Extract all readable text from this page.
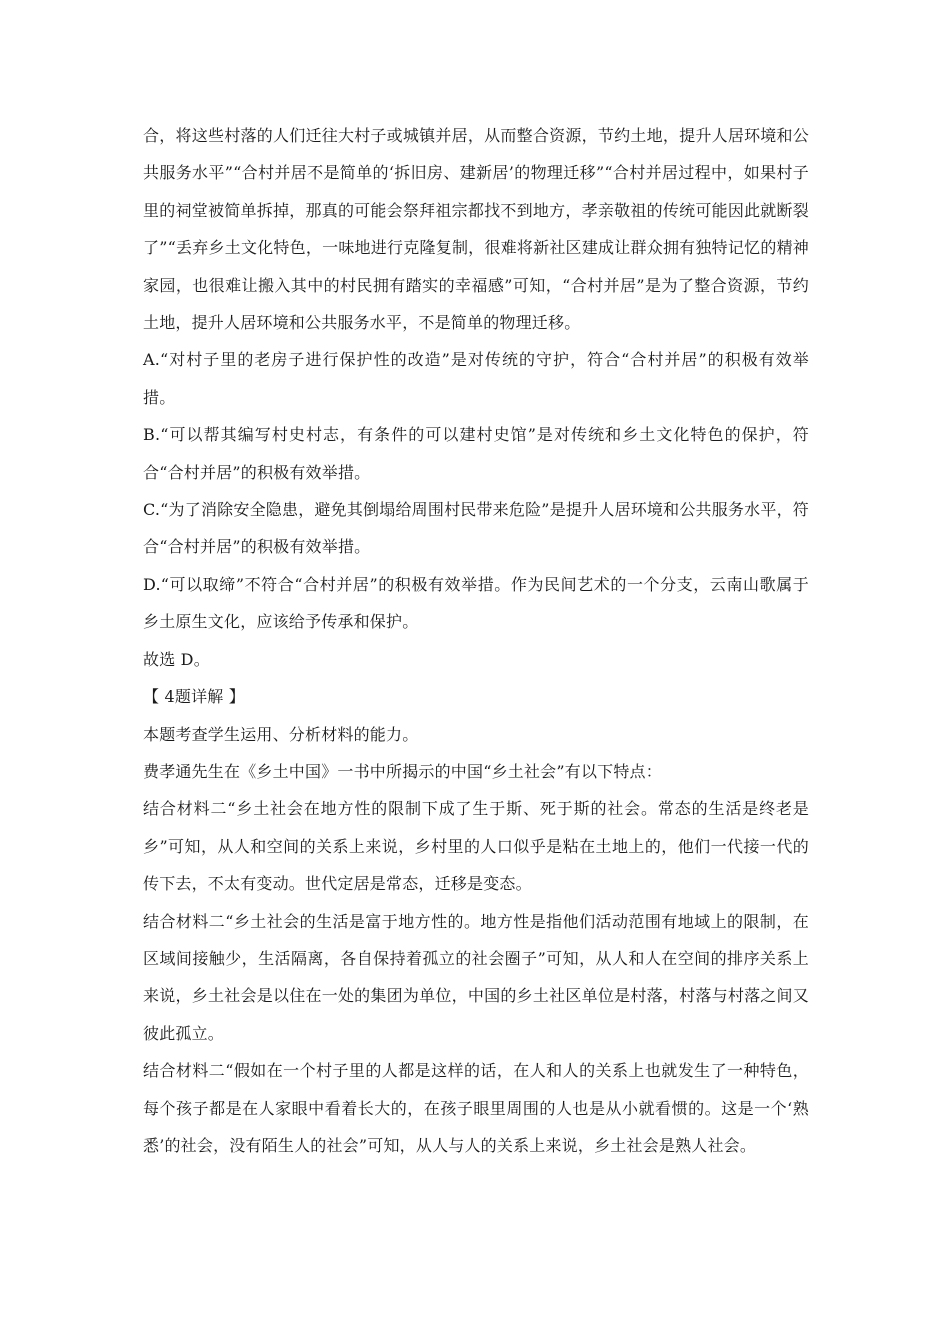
合，将这些村落的人们迁往大村子或城镇并居，从而整合资源，节约土地，提升人居环境和公共服务水平”“合村并居不是简单的‘拆旧房、建新居’的物理迁移”“合村并居过程中，如果村子里的祠堂被简单拆掉，那真的可能会祭拜祖宗都找不到地方，孝亲敬祖的传统可能因此就断裂了”“丢弃乡土文化特色，一味地进行克隆复制，很难将新社区建成让群众拥有独特记忆的精神家园，也很难让搬入其中的村民拥有踏实的幸福感”可知，“合村并居”是为了整合资源，节约土地，提升人居环境和公共服务水平，不是简单的物理迁移。

A.“对村子里的老房子进行保护性的改造”是对传统的守护，符合“合村并居”的积极有效举措。

B.“可以帮其编写村史村志，有条件的可以建村史馆”是对传统和乡土文化特色的保护，符合“合村并居”的积极有效举措。

C.“为了消除安全隐患，避免其倒塌给周围村民带来危险”是提升人居环境和公共服务水平，符合“合村并居”的积极有效举措。

D.“可以取缔”不符合“合村并居”的积极有效举措。作为民间艺术的一个分支，云南山歌属于乡土原生文化，应该给予传承和保护。

故选 D。

【 4题详解 】

本题考查学生运用、分析材料的能力。

费孝通先生在《乡土中国》一书中所揭示的中国“乡土社会”有以下特点：

结合材料二“乡土社会在地方性的限制下成了生于斯、死于斯的社会。常态的生活是终老是乡”可知，从人和空间的关系上来说，乡村里的人口似乎是粘在土地上的，他们一代接一代的传下去，不太有变动。世代定居是常态，迁移是变态。

结合材料二“乡土社会的生活是富于地方性的。地方性是指他们活动范围有地域上的限制，在区域间接触少，生活隔离，各自保持着孤立的社会圈子”可知，从人和人在空间的排序关系上来说，乡土社会是以住在一处的集团为单位，中国的乡土社区单位是村落，村落与村落之间又彼此孤立。

结合材料二“假如在一个村子里的人都是这样的话，在人和人的关系上也就发生了一种特色，每个孩子都是在人家眼中看着长大的，在孩子眼里周围的人也是从小就看惯的。这是一个‘熟悉’的社会，没有陌生人的社会”可知，从人与人的关系上来说，乡土社会是熟人社会。
